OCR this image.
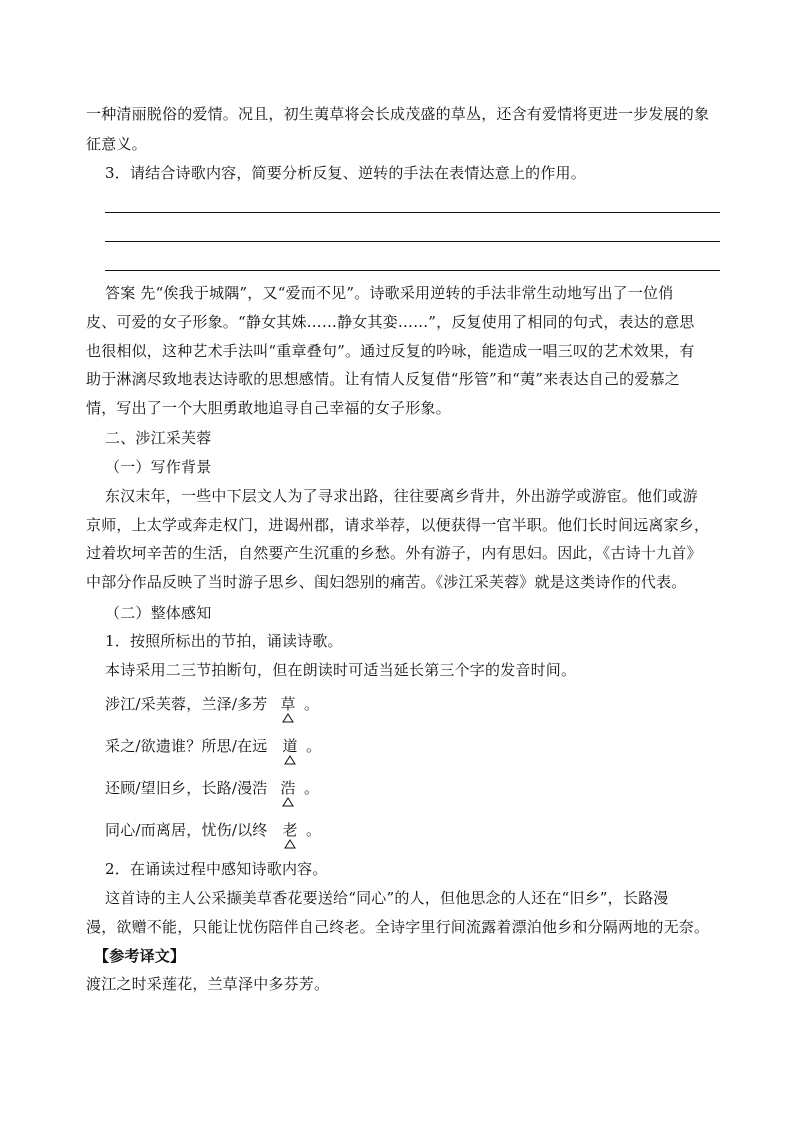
一种清丽脱俗的爱情。况且，初生荑草将会长成茂盛的草丛，还含有爱情将更进一步发展的象
征意义。
3．请结合诗歌内容，简要分析反复、逆转的手法在表情达意上的作用。
答案 先“俟我于城隅”，又“爱而不见”。诗歌采用逆转的手法非常生动地写出了一位俏
皮、可爱的女子形象。“静女其姝……静女其娈……”，反复使用了相同的句式，表达的意思
也很相似，这种艺术手法叫“重章叠句”。通过反复的吟咏，能造成一唱三叹的艺术效果，有
助于淋漓尽致地表达诗歌的思想感情。让有情人反复借“彤管”和“荑”来表达自己的爱慕之
情，写出了一个大胆勇敢地追寻自己幸福的女子形象。
二、涉江采芙蓉
（一）写作背景
东汉末年，一些中下层文人为了寻求出路，往往要离乡背井，外出游学或游宦。他们或游
京师，上太学或奔走权门，进谒州郡，请求举荐，以便获得一官半职。他们长时间远离家乡，
过着坎坷辛苦的生活，自然要产生沉重的乡愁。外有游子，内有思妇。因此，《古诗十九首》
中部分作品反映了当时游子思乡、闺妇怨别的痛苦。《涉江采芙蓉》就是这类诗作的代表。
（二）整体感知
1．按照所标出的节拍，诵读诗歌。
本诗采用二三节拍断句，但在朗读时可适当延长第三个字的发音时间。
涉江/采芙蓉，兰泽/多芳 草 。
采之/欲遗谁？所思/在远 道 。
还顾/望旧乡，长路/漫浩 浩 。
同心/而离居，忧伤/以终 老 。
2．在诵读过程中感知诗歌内容。
这首诗的主人公采撷美草香花要送给“同心”的人，但他思念的人还在“旧乡”，长路漫
漫，欲赠不能，只能让忧伤陪伴自己终老。全诗字里行间流露着漂泊他乡和分隔两地的无奈。
【参考译文】
渡江之时采莲花，兰草泽中多芬芳。
